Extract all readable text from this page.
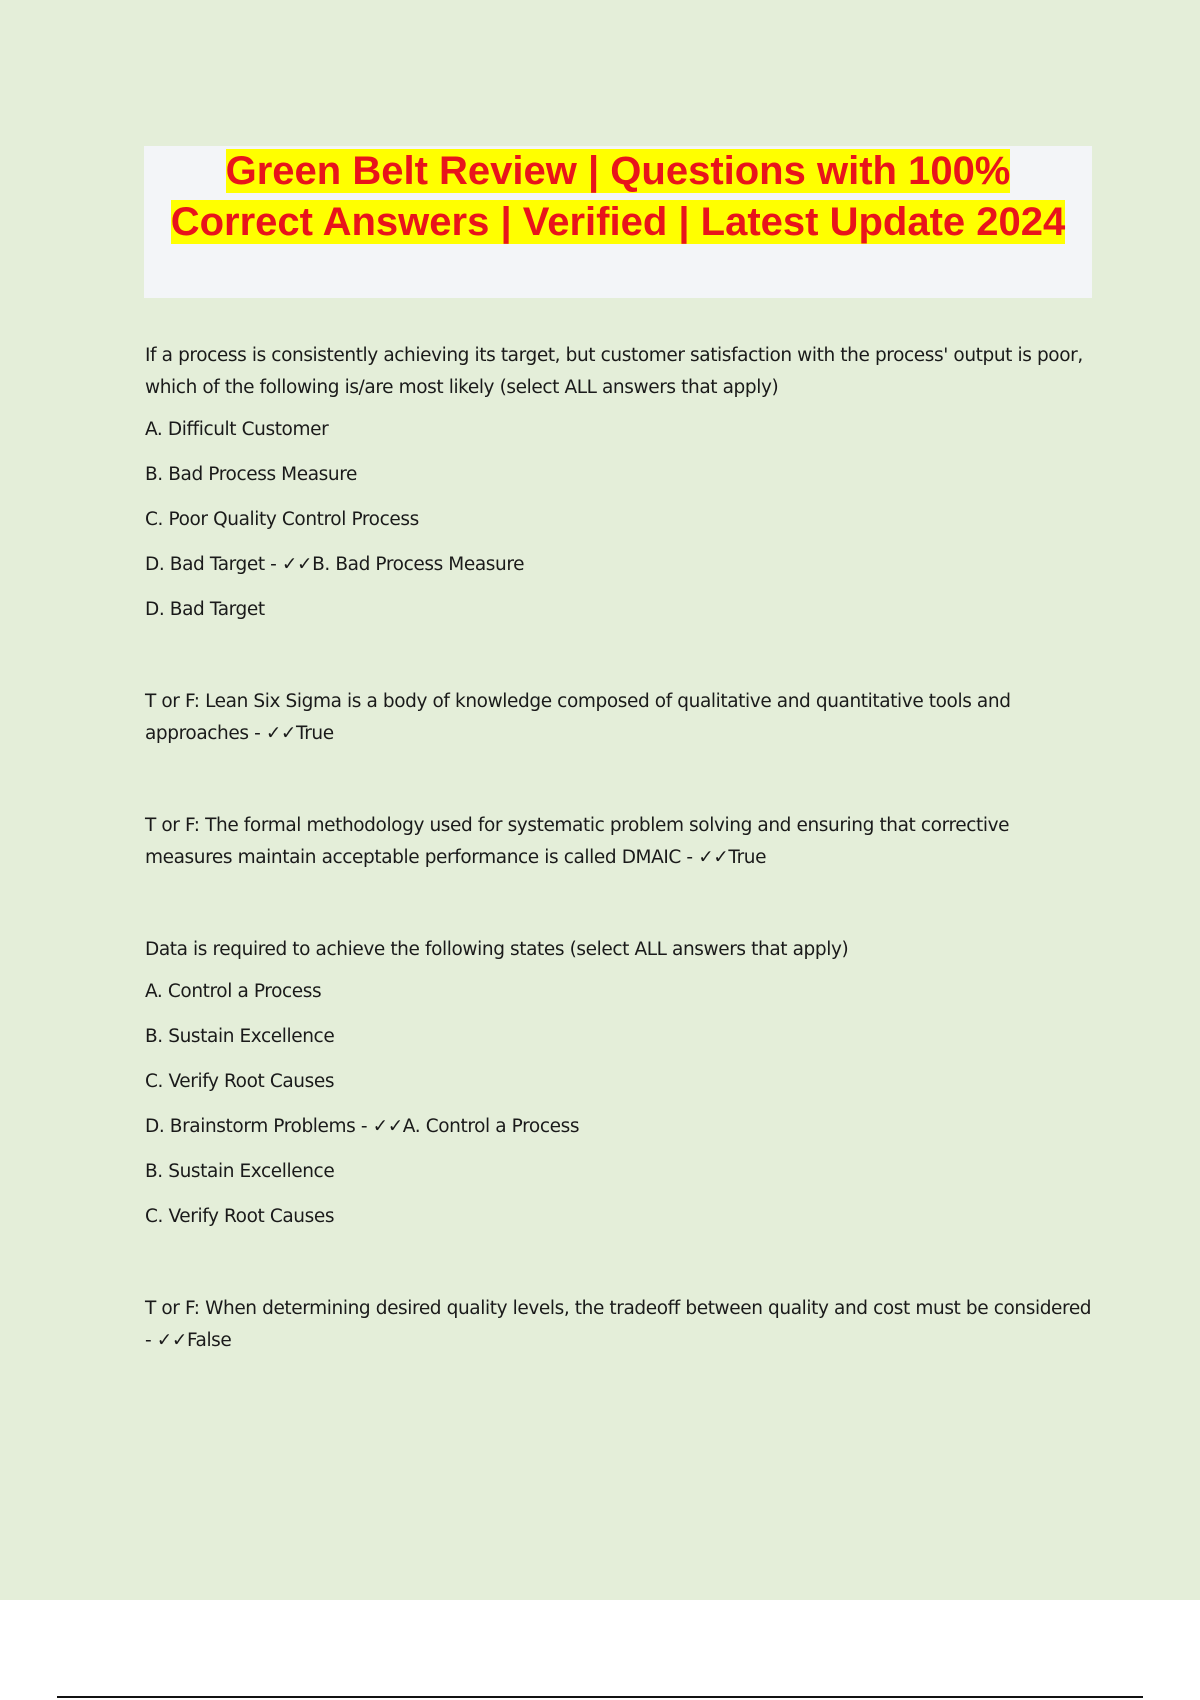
Green Belt Review | Questions with 100% Correct Answers | Verified | Latest Update 2024

If a process is consistently achieving its target, but customer satisfaction with the process' output is poor, which of the following is/are most likely (select ALL answers that apply)

A. Difficult Customer
B. Bad Process Measure
C. Poor Quality Control Process
D. Bad Target - ✓✓B. Bad Process Measure
D. Bad Target

T or F: Lean Six Sigma is a body of knowledge composed of qualitative and quantitative tools and approaches - ✓✓True

T or F: The formal methodology used for systematic problem solving and ensuring that corrective measures maintain acceptable performance is called DMAIC - ✓✓True

Data is required to achieve the following states (select ALL answers that apply)

A. Control a Process
B. Sustain Excellence
C. Verify Root Causes
D. Brainstorm Problems - ✓✓A. Control a Process
B. Sustain Excellence
C. Verify Root Causes

T or F: When determining desired quality levels, the tradeoff between quality and cost must be considered - ✓✓False
